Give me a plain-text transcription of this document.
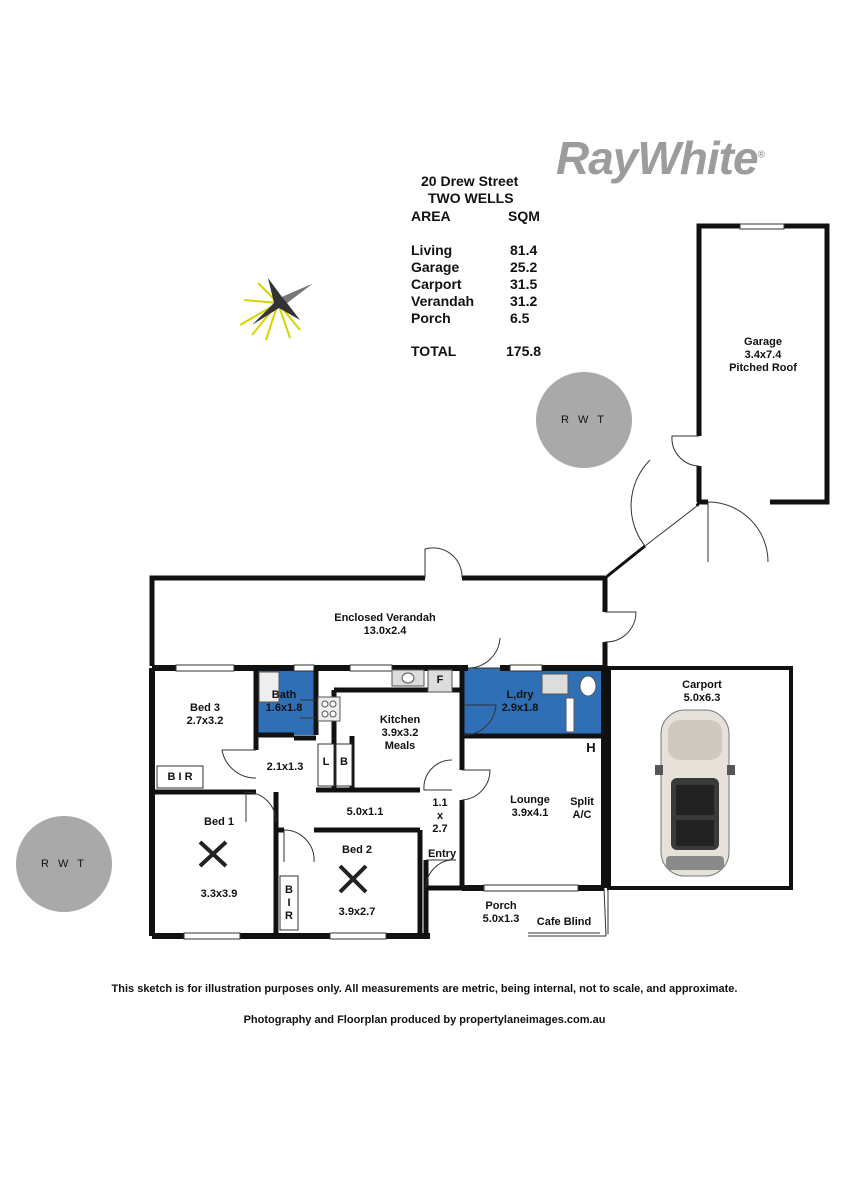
RayWhite®
20 Drew Street
TWO WELLS
AREA	SQM
Living	81.4
Garage	25.2
Carport	31.5
Verandah	31.2
Porch	6.5
TOTAL	175.8
R W T
R W T
Garage
3.4x7.4
Pitched Roof
Enclosed Verandah
13.0x2.4
Carport
5.0x6.3
Bed 3
2.7x3.2
Bath
1.6x1.8
Kitchen
3.9x3.2
Meals
L,dry
2.9x1.8
2.1x1.3
5.0x1.1
1.1
x
2.7
Entry
Lounge
3.9x4.1
Split
A/C
Bed 1
3.3x3.9
Bed 2
3.9x2.7	Porch
5.0x1.3	Cafe Blind
F
H
L B
B I R
B
I
R
This sketch is for illustration purposes only. All measurements are metric, being internal, not to scale, and approximate.
Photography and Floorplan produced by propertylaneimages.com.au
